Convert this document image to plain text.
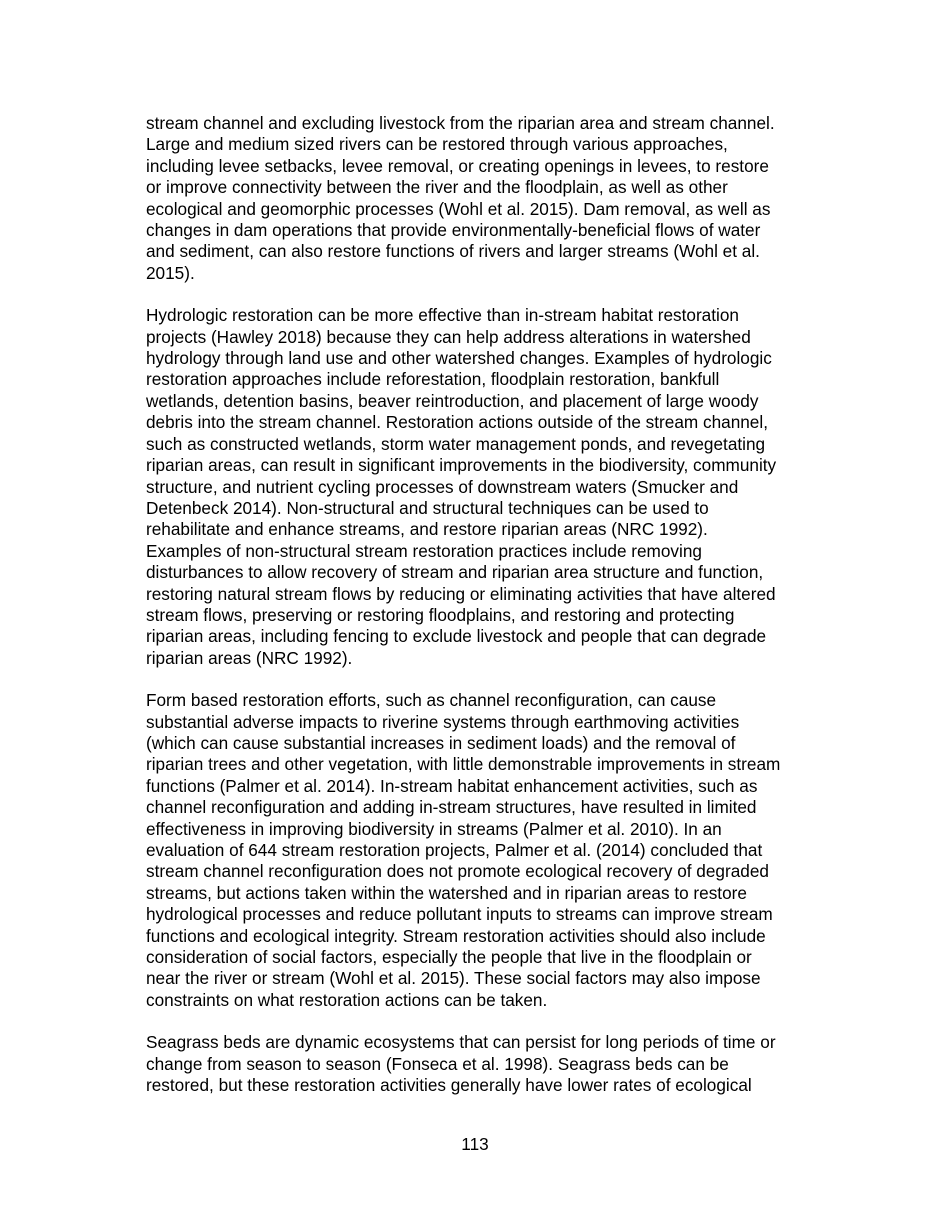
stream channel and excluding livestock from the riparian area and stream channel.
Large and medium sized rivers can be restored through various approaches,
including levee setbacks, levee removal, or creating openings in levees, to restore
or improve connectivity between the river and the floodplain, as well as other
ecological and geomorphic processes (Wohl et al. 2015). Dam removal, as well as
changes in dam operations that provide environmentally-beneficial flows of water
and sediment, can also restore functions of rivers and larger streams (Wohl et al.
2015).

Hydrologic restoration can be more effective than in-stream habitat restoration
projects (Hawley 2018) because they can help address alterations in watershed
hydrology through land use and other watershed changes. Examples of hydrologic
restoration approaches include reforestation, floodplain restoration, bankfull
wetlands, detention basins, beaver reintroduction, and placement of large woody
debris into the stream channel. Restoration actions outside of the stream channel,
such as constructed wetlands, storm water management ponds, and revegetating
riparian areas, can result in significant improvements in the biodiversity, community
structure, and nutrient cycling processes of downstream waters (Smucker and
Detenbeck 2014). Non-structural and structural techniques can be used to
rehabilitate and enhance streams, and restore riparian areas (NRC 1992).
Examples of non-structural stream restoration practices include removing
disturbances to allow recovery of stream and riparian area structure and function,
restoring natural stream flows by reducing or eliminating activities that have altered
stream flows, preserving or restoring floodplains, and restoring and protecting
riparian areas, including fencing to exclude livestock and people that can degrade
riparian areas (NRC 1992).

Form based restoration efforts, such as channel reconfiguration, can cause
substantial adverse impacts to riverine systems through earthmoving activities
(which can cause substantial increases in sediment loads) and the removal of
riparian trees and other vegetation, with little demonstrable improvements in stream
functions (Palmer et al. 2014). In-stream habitat enhancement activities, such as
channel reconfiguration and adding in-stream structures, have resulted in limited
effectiveness in improving biodiversity in streams (Palmer et al. 2010). In an
evaluation of 644 stream restoration projects, Palmer et al. (2014) concluded that
stream channel reconfiguration does not promote ecological recovery of degraded
streams, but actions taken within the watershed and in riparian areas to restore
hydrological processes and reduce pollutant inputs to streams can improve stream
functions and ecological integrity. Stream restoration activities should also include
consideration of social factors, especially the people that live in the floodplain or
near the river or stream (Wohl et al. 2015). These social factors may also impose
constraints on what restoration actions can be taken.

Seagrass beds are dynamic ecosystems that can persist for long periods of time or
change from season to season (Fonseca et al. 1998). Seagrass beds can be
restored, but these restoration activities generally have lower rates of ecological

113
